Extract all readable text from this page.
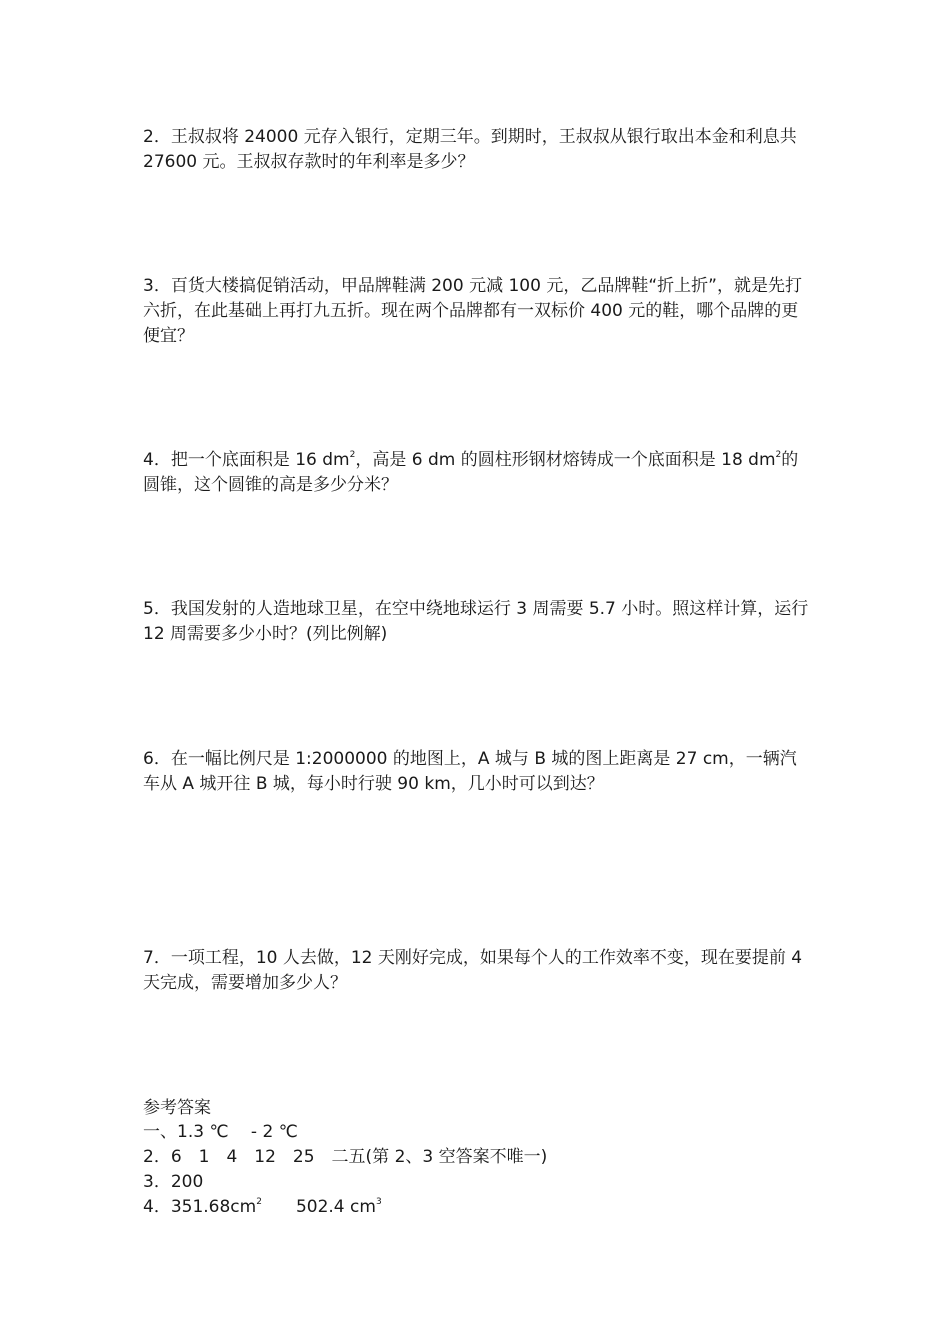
2．王叔叔将 24000 元存入银行，定期三年。到期时，王叔叔从银行取出本金和利息共 27600 元。王叔叔存款时的年利率是多少？

3．百货大楼搞促销活动，甲品牌鞋满 200 元减 100 元，乙品牌鞋“折上折”，就是先打六折，在此基础上再打九五折。现在两个品牌都有一双标价 400 元的鞋，哪个品牌的更便宜？

4．把一个底面积是 16 $dm^2$，高是 6 dm 的圆柱形钢材熔铸成一个底面积是 18 $dm^2$的圆锥，这个圆锥的高是多少分米？

5．我国发射的人造地球卫星，在空中绕地球运行 3 周需要 5.7 小时。照这样计算，运行 12 周需要多少小时？(列比例解)

6．在一幅比例尺是 1:2000000 的地图上，A 城与 B 城的图上距离是 27 cm，一辆汽车从 A 城开往 B 城，每小时行驶 90 km，几小时可以到达？

7．一项工程，10 人去做，12 天刚好完成，如果每个人的工作效率不变，现在要提前 4 天完成，需要增加多少人？

参考答案

一、1.3 ℃　 - 2 ℃

2．6　1　4　12　25　二五(第 2、3 空答案不唯一)

3．200

4．$351.68cm^2$　　502.4 $cm^3$
